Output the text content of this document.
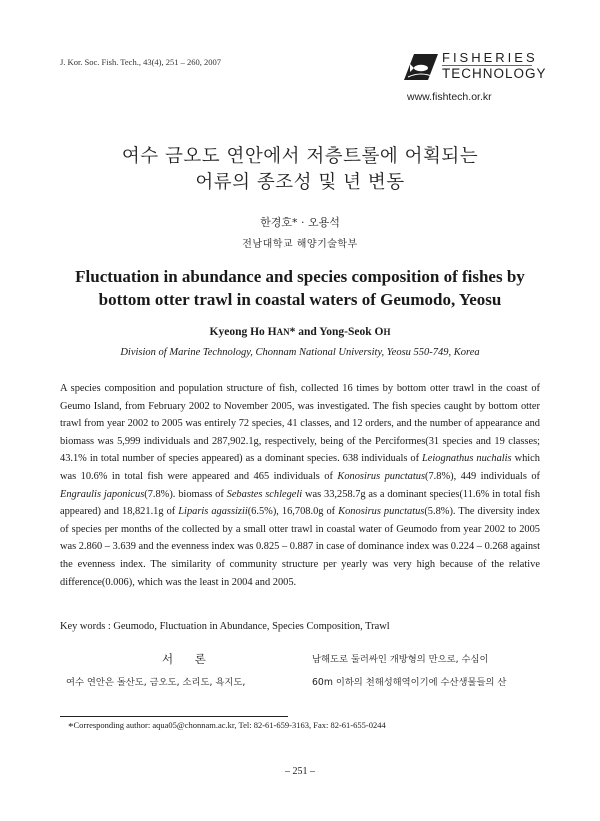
J. Kor. Soc. Fish. Tech., 43(4), 251 – 260, 2007	FISHERIES
TECHNOLOGY
www.fishtech.or.kr
여수 금오도 연안에서 저층트롤에 어획되는
어류의 종조성 및 년 변동
한경호* · 오용석
전남대학교 해양기술학부
Fluctuation in abundance and species composition of fishes by
bottom otter trawl in coastal waters of Geumodo, Yeosu
Kyeong Ho HAN* and Yong-Seok OH
Division of Marine Technology, Chonnam National University, Yeosu 550-749, Korea
A species composition and population structure of fish, collected 16 times by bottom otter trawl in the coast of Geumo Island, from February 2002 to November 2005, was investigated. The fish species caught by bottom otter trawl from year 2002 to 2005 was entirely 72 species, 41 classes, and 12 orders, and the number of appearance and biomass was 5,999 individuals and 287,902.1g, respectively, being of the Perciformes(31 species and 19 classes; 43.1% in total number of species appeared) as a dominant species. 638 individuals of Leiognathus nuchalis which was 10.6% in total fish were appeared and 465 individuals of Konosirus punctatus(7.8%), 449 individuals of Engraulis japonicus(7.8%). biomass of Sebastes schlegeli was 33,258.7g as a dominant species(11.6% in total fish appeared) and 18,821.1g of Liparis agassizii(6.5%), 16,708.0g of Konosirus punctatus(5.8%). The diversity index of species per months of the collected by a small otter trawl in coastal water of Geumodo from year 2002 to 2005 was 2.860 – 3.639 and the evenness index was 0.825 – 0.887 in case of dominance index was 0.224 – 0.268 against the evenness index. The similarity of community structure per yearly was very high because of the relative difference(0.006), which was the least in 2004 and 2005.
Key words : Geumodo, Fluctuation in Abundance, Species Composition, Trawl
서 론
여수 연안은 돌산도, 금오도, 소리도, 욕지도,
남해도로 둘러싸인 개방형의 만으로, 수심이
60m 이하의 천해성해역이기에 수산생물들의 산
*Corresponding author: aqua05@chonnam.ac.kr, Tel: 82-61-659-3163, Fax: 82-61-655-0244
– 251 –
